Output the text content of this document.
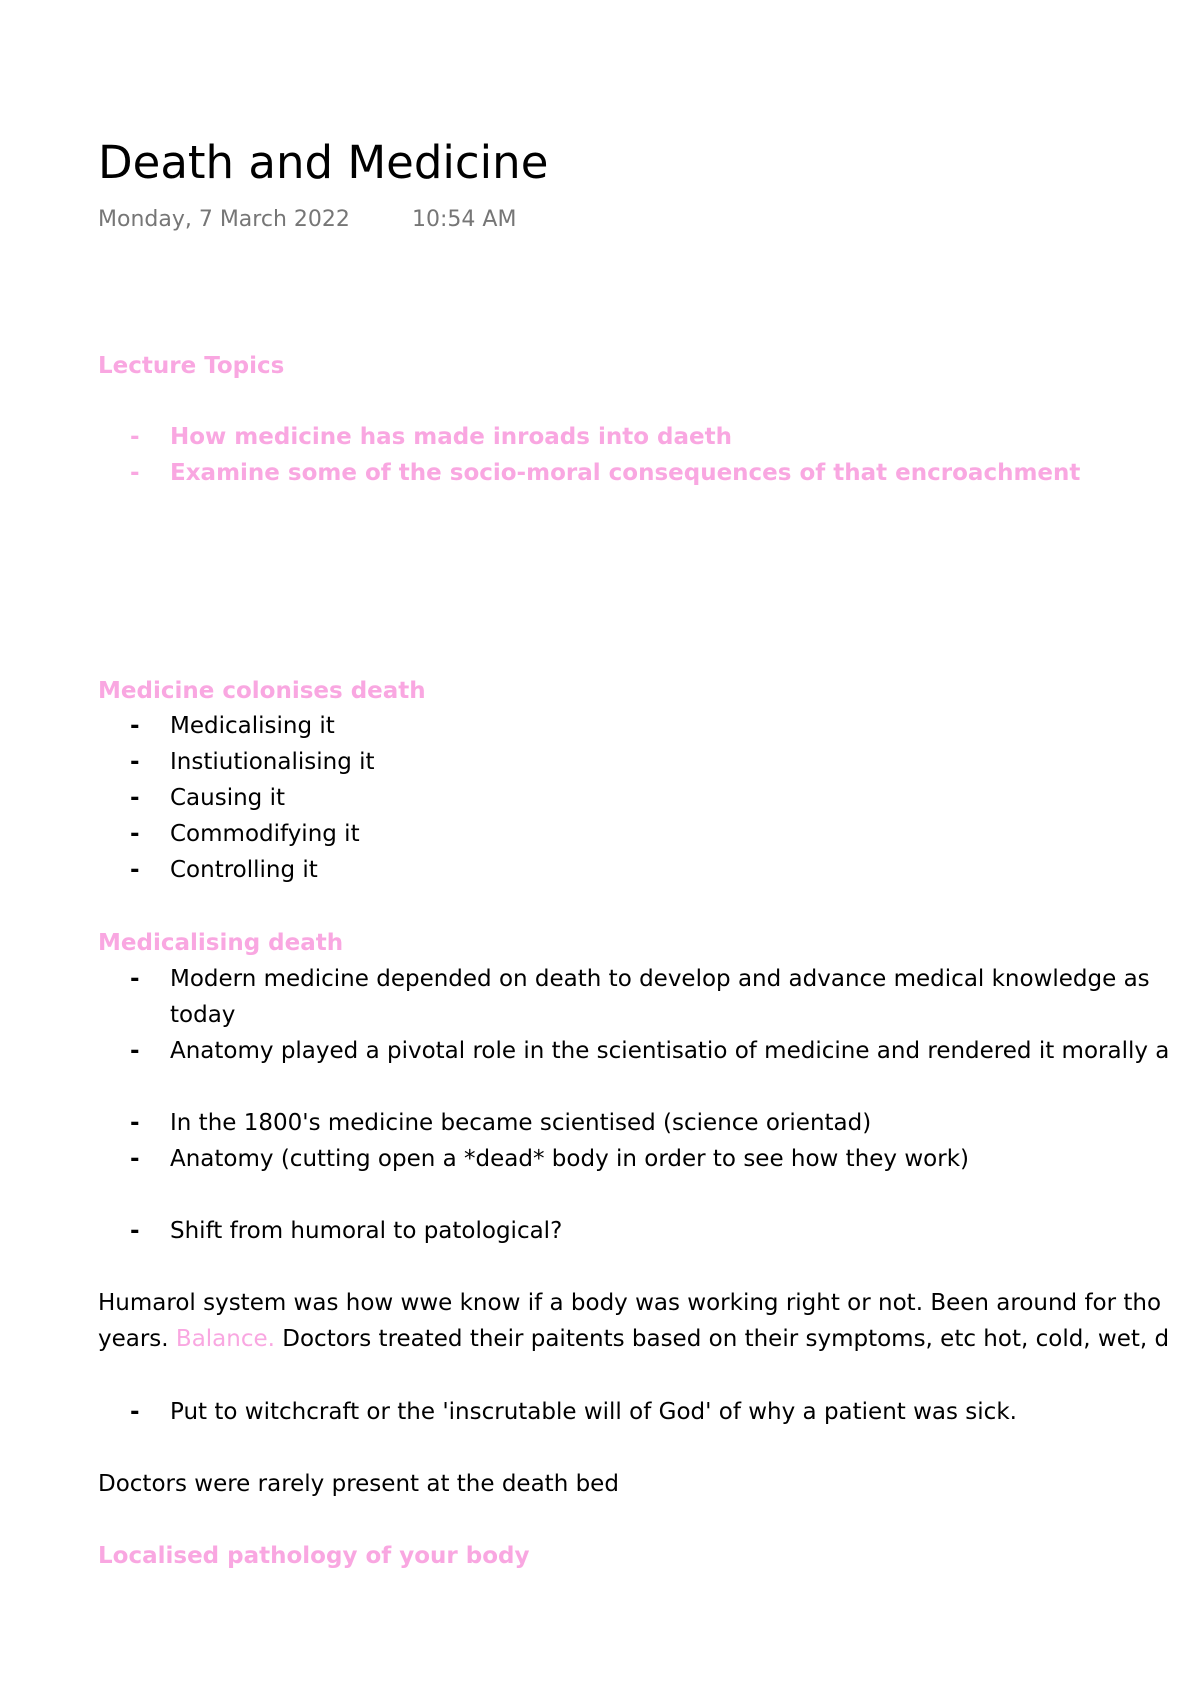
Death and Medicine
Monday, 7 March 2022	10:54 AM
Lecture Topics
- How medicine has made inroads into daeth
- Examine some of the socio-moral consequences of that encroachment
Medicine colonises death
- Medicalising it
- Instiutionalising it
- Causing it
- Commodifying it
- Controlling it
Medicalising death
- Modern medicine depended on death to develop and advance medical knowledge as
today
- Anatomy played a pivotal role in the scientisatio of medicine and rendered it morally a
- In the 1800's medicine became scientised (science orientad)
- Anatomy (cutting open a *dead* body in order to see how they work)
- Shift from humoral to patological?
Humarol system was how wwe know if a body was working right or not. Been around for tho
years. Balance. Doctors treated their paitents based on their symptoms, etc hot, cold, wet, d
- Put to witchcraft or the 'inscrutable will of God' of why a patient was sick.
Doctors were rarely present at the death bed
Localised pathology of your body
